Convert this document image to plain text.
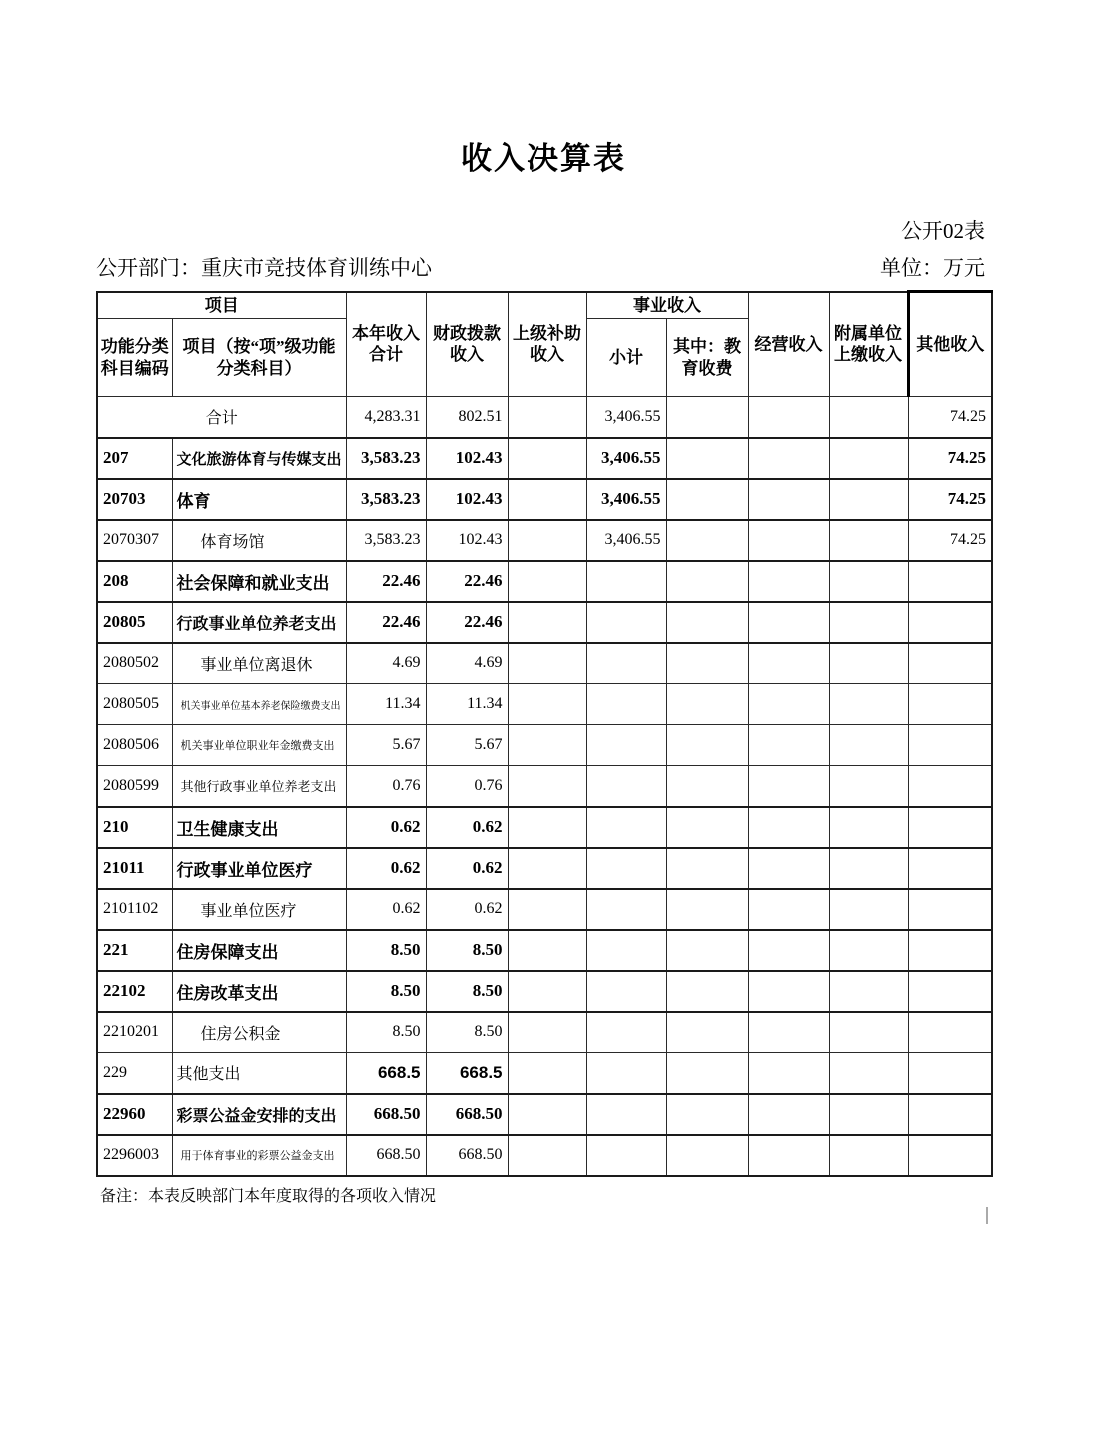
收入决算表
公开02表
公开部门：重庆市竞技体育训练中心	单位：万元
项目		本年收入合计	财政拨款收入	上级补助收入	事业收入		经营收入	附属单位上缴收入	其他收入
功能分类科目编码	项目（按“项”级功能分类科目）				小计	其中：教育收费			
合计		4,283.31	802.51		3,406.55				74.25
207	文化旅游体育与传媒支出	3,583.23	102.43		3,406.55				74.25
20703	体育	3,583.23	102.43		3,406.55				74.25
2070307	体育场馆	3,583.23	102.43		3,406.55				74.25
208	社会保障和就业支出	22.46	22.46						
20805	行政事业单位养老支出	22.46	22.46						
2080502	事业单位离退休	4.69	4.69						
2080505	机关事业单位基本养老保险缴费支出	11.34	11.34						
2080506	机关事业单位职业年金缴费支出	5.67	5.67						
2080599	其他行政事业单位养老支出	0.76	0.76						
210	卫生健康支出	0.62	0.62						
21011	行政事业单位医疗	0.62	0.62						
2101102	事业单位医疗	0.62	0.62						
221	住房保障支出	8.50	8.50						
22102	住房改革支出	8.50	8.50						
2210201	住房公积金	8.50	8.50						
229	其他支出	668.5	668.5						
22960	彩票公益金安排的支出	668.50	668.50						
2296003	用于体育事业的彩票公益金支出	668.50	668.50						
备注：本表反映部门本年度取得的各项收入情况
